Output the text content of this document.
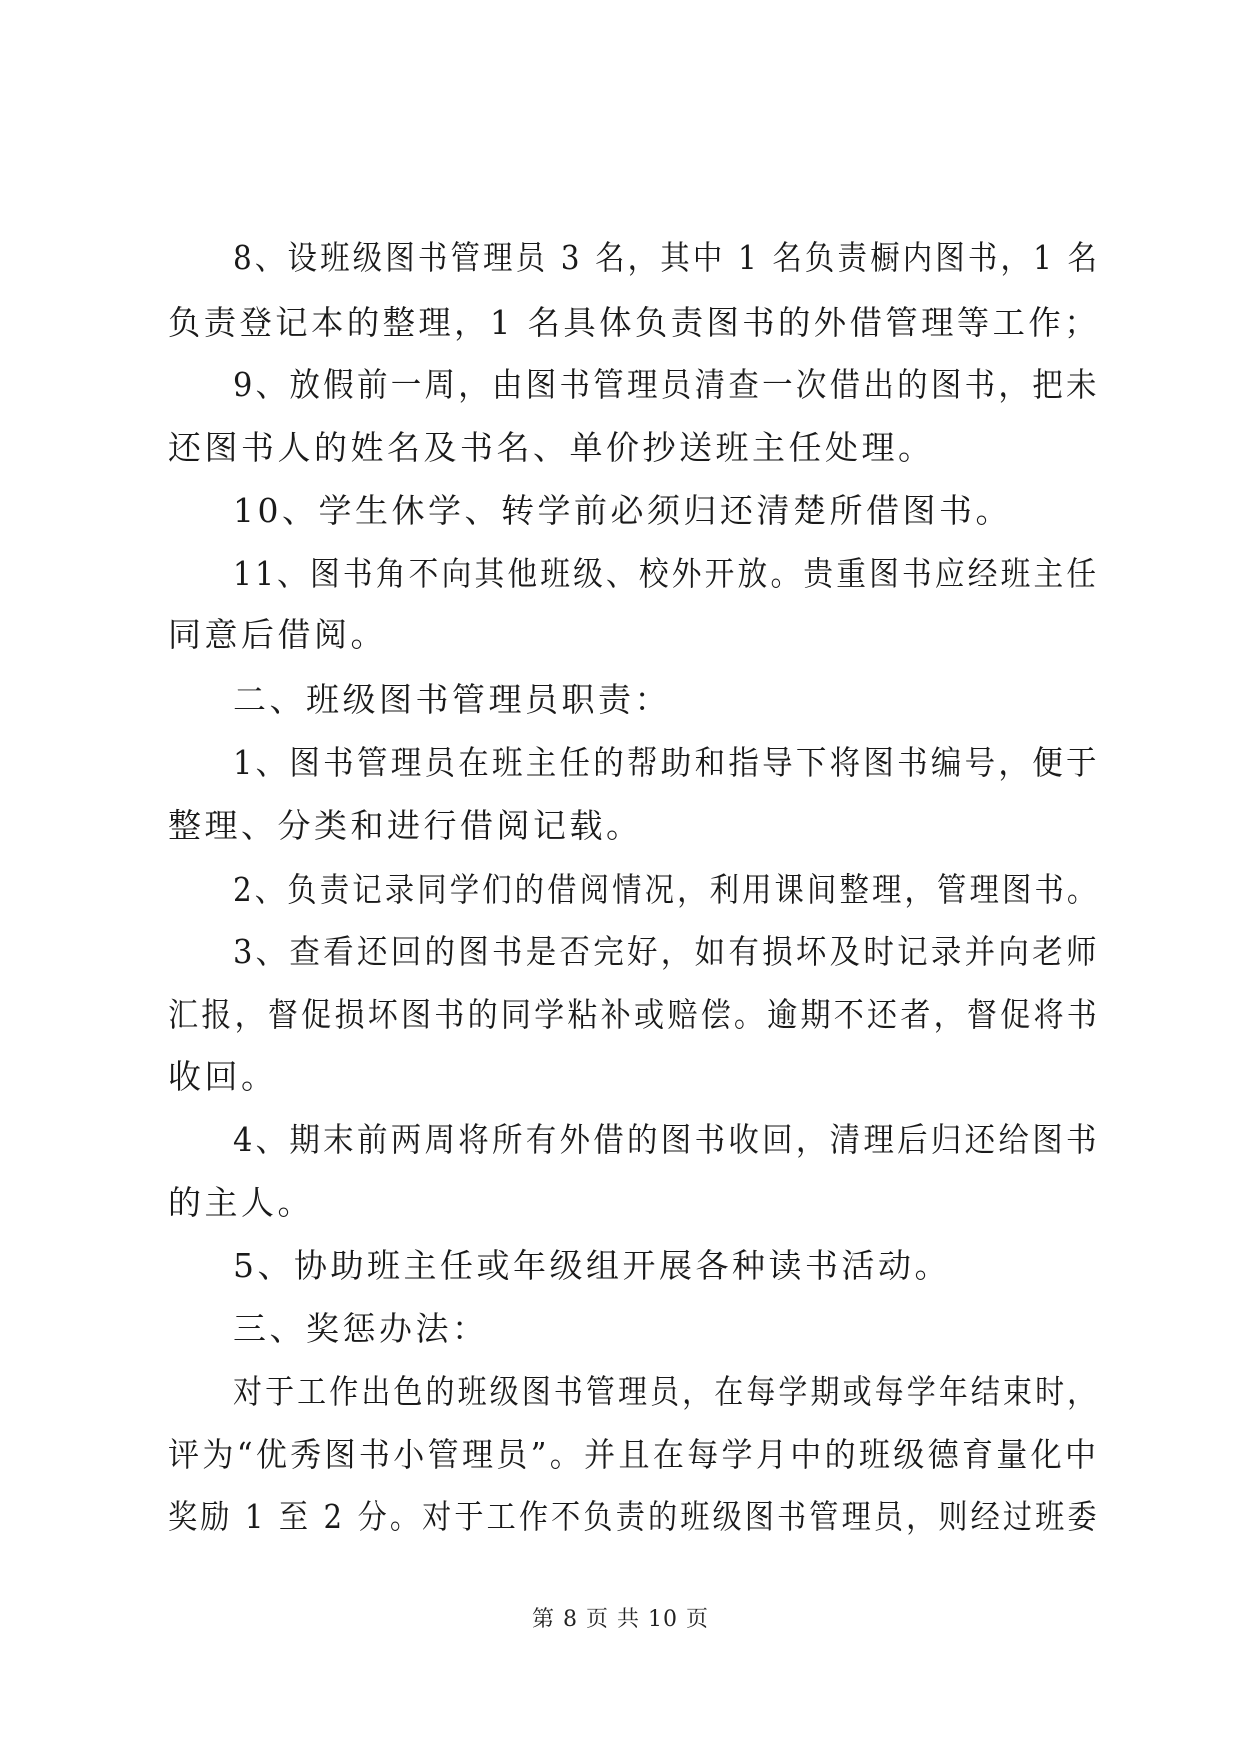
8、设班级图书管理员 3 名，其中 1 名负责橱内图书，1 名
负责登记本的整理，1 名具体负责图书的外借管理等工作；
9、放假前一周，由图书管理员清查一次借出的图书，把未
还图书人的姓名及书名、单价抄送班主任处理。
10、学生休学、转学前必须归还清楚所借图书。
11、图书角不向其他班级、校外开放。贵重图书应经班主任
同意后借阅。
二、班级图书管理员职责：
1、图书管理员在班主任的帮助和指导下将图书编号，便于
整理、分类和进行借阅记载。
2、负责记录同学们的借阅情况，利用课间整理，管理图书。
3、查看还回的图书是否完好，如有损坏及时记录并向老师
汇报，督促损坏图书的同学粘补或赔偿。逾期不还者，督促将书
收回。
4、期末前两周将所有外借的图书收回，清理后归还给图书
的主人。
5、协助班主任或年级组开展各种读书活动。
三、奖惩办法：
对于工作出色的班级图书管理员，在每学期或每学年结束时，
评为“优秀图书小管理员”。并且在每学月中的班级德育量化中
奖励 1 至 2 分。对于工作不负责的班级图书管理员，则经过班委
第 8 页 共 10 页
